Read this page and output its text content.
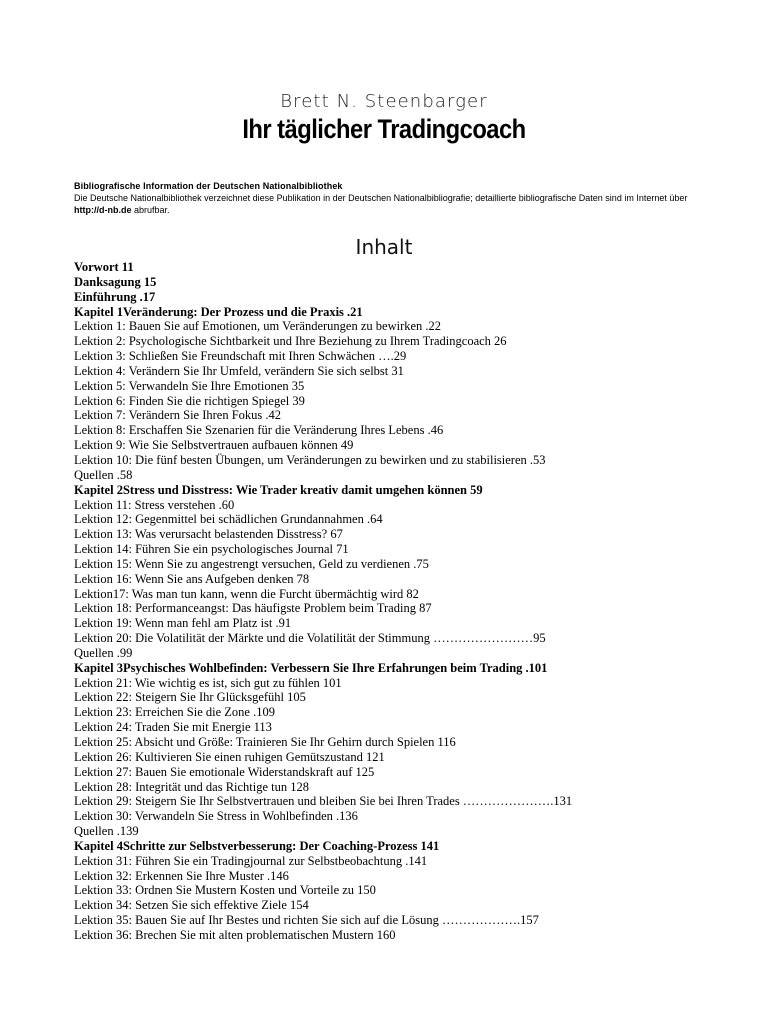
Brett N. Steenbarger
Ihr täglicher Tradingcoach
Bibliografische Information der Deutschen Nationalbibliothek
Die Deutsche Nationalbibliothek verzeichnet diese Publikation in der Deutschen Nationalbibliografie; detaillierte bibliografische Daten sind im Internet über
http://d-nb.de abrufbar.
Inhalt
Vorwort 11
Danksagung 15
Einführung .17
Kapitel 1Veränderung: Der Prozess und die Praxis .21
Lektion 1: Bauen Sie auf Emotionen, um Veränderungen zu bewirken .22
Lektion 2: Psychologische Sichtbarkeit und Ihre Beziehung zu Ihrem Tradingcoach 26
Lektion 3: Schließen Sie Freundschaft mit Ihren Schwächen ….29
Lektion 4: Verändern Sie Ihr Umfeld, verändern Sie sich selbst 31
Lektion 5: Verwandeln Sie Ihre Emotionen 35
Lektion 6: Finden Sie die richtigen Spiegel 39
Lektion 7: Verändern Sie Ihren Fokus .42
Lektion 8: Erschaffen Sie Szenarien für die Veränderung Ihres Lebens .46
Lektion 9: Wie Sie Selbstvertrauen aufbauen können 49
Lektion 10: Die fünf besten Übungen, um Veränderungen zu bewirken und zu stabilisieren .53
Quellen .58
Kapitel 2Stress und Disstress: Wie Trader kreativ damit umgehen können 59
Lektion 11: Stress verstehen .60
Lektion 12: Gegenmittel bei schädlichen Grundannahmen .64
Lektion 13: Was verursacht belastenden Disstress? 67
Lektion 14: Führen Sie ein psychologisches Journal 71
Lektion 15: Wenn Sie zu angestrengt versuchen, Geld zu verdienen .75
Lektion 16: Wenn Sie ans Aufgeben denken 78
Lektion17: Was man tun kann, wenn die Furcht übermächtig wird 82
Lektion 18: Performanceangst: Das häufigste Problem beim Trading 87
Lektion 19: Wenn man fehl am Platz ist .91
Lektion 20: Die Volatilität der Märkte und die Volatilität der Stimmung ……………………95
Quellen .99
Kapitel 3Psychisches Wohlbefinden: Verbessern Sie Ihre Erfahrungen beim Trading .101
Lektion 21: Wie wichtig es ist, sich gut zu fühlen 101
Lektion 22: Steigern Sie Ihr Glücksgefühl 105
Lektion 23: Erreichen Sie die Zone .109
Lektion 24: Traden Sie mit Energie 113
Lektion 25: Absicht und Größe: Trainieren Sie Ihr Gehirn durch Spielen 116
Lektion 26: Kultivieren Sie einen ruhigen Gemütszustand 121
Lektion 27: Bauen Sie emotionale Widerstandskraft auf 125
Lektion 28: Integrität und das Richtige tun 128
Lektion 29: Steigern Sie Ihr Selbstvertrauen und bleiben Sie bei Ihren Trades ………………….131
Lektion 30: Verwandeln Sie Stress in Wohlbefinden .136
Quellen .139
Kapitel 4Schritte zur Selbstverbesserung: Der Coaching-Prozess 141
Lektion 31: Führen Sie ein Tradingjournal zur Selbstbeobachtung .141
Lektion 32: Erkennen Sie Ihre Muster .146
Lektion 33: Ordnen Sie Mustern Kosten und Vorteile zu 150
Lektion 34: Setzen Sie sich effektive Ziele 154
Lektion 35: Bauen Sie auf Ihr Bestes und richten Sie sich auf die Lösung ……………….157
Lektion 36: Brechen Sie mit alten problematischen Mustern 160
